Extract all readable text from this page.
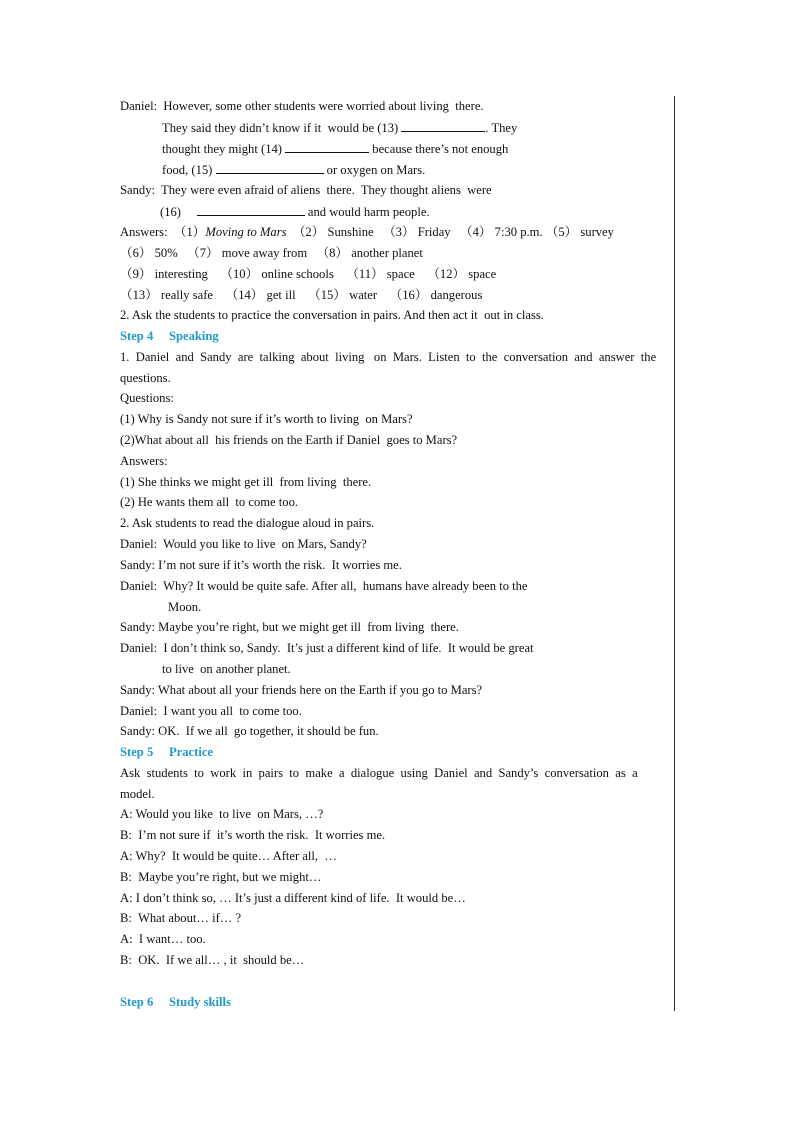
Daniel:  However, some other students were worried about living  there.
They said they didn’t know if it  would be (13)	. They
thought they might (14)	because there’s not enough
food, (15)	or oxygen on Mars.
Sandy:  They were even afraid of aliens  there.  They thought aliens  were
(16)	and would harm people.
Answers:  （1）Moving to Mars  （2） Sunshine   （3） Friday   （4） 7:30 p.m. （5） survey
（6） 50%   （7） move away from   （8） another planet
（9） interesting    （10） online schools    （11） space    （12） space
（13） really safe    （14） get ill    （15） water    （16） dangerous
2. Ask the students to practice the conversation in pairs. And then act it  out in class.
Step 4     Speaking
1.  Daniel  and  Sandy  are  talking  about  living   on  Mars.  Listen  to  the  conversation  and  answer  the
questions.
Questions:
(1) Why is Sandy not sure if it’s worth to living  on Mars?
(2)What about all  his friends on the Earth if Daniel  goes to Mars?
Answers:
(1) She thinks we might get ill  from living  there.
(2) He wants them all  to come too.
2. Ask students to read the dialogue aloud in pairs.
Daniel:  Would you like to live  on Mars, Sandy?
Sandy: I’m not sure if it’s worth the risk.  It worries me.
Daniel:  Why? It would be quite safe. After all,  humans have already been to the
Moon.
Sandy: Maybe you’re right, but we might get ill  from living  there.
Daniel:  I don’t think so, Sandy.  It’s just a different kind of life.  It would be great
to live  on another planet.
Sandy: What about all your friends here on the Earth if you go to Mars?
Daniel:  I want you all  to come too.
Sandy: OK.  If we all  go together, it should be fun.
Step 5     Practice
Ask  students  to  work  in  pairs  to  make  a  dialogue  using  Daniel  and  Sandy’s  conversation  as  a
model.
A: Would you like  to live  on Mars, …?
B:  I’m not sure if  it’s worth the risk.  It worries me.
A: Why?  It would be quite… After all,  …
B:  Maybe you’re right, but we might…
A: I don’t think so, … It’s just a different kind of life.  It would be…
B:  What about… if… ?
A:  I want… too.
B:  OK.  If we all… , it  should be…
Step 6     Study skills
